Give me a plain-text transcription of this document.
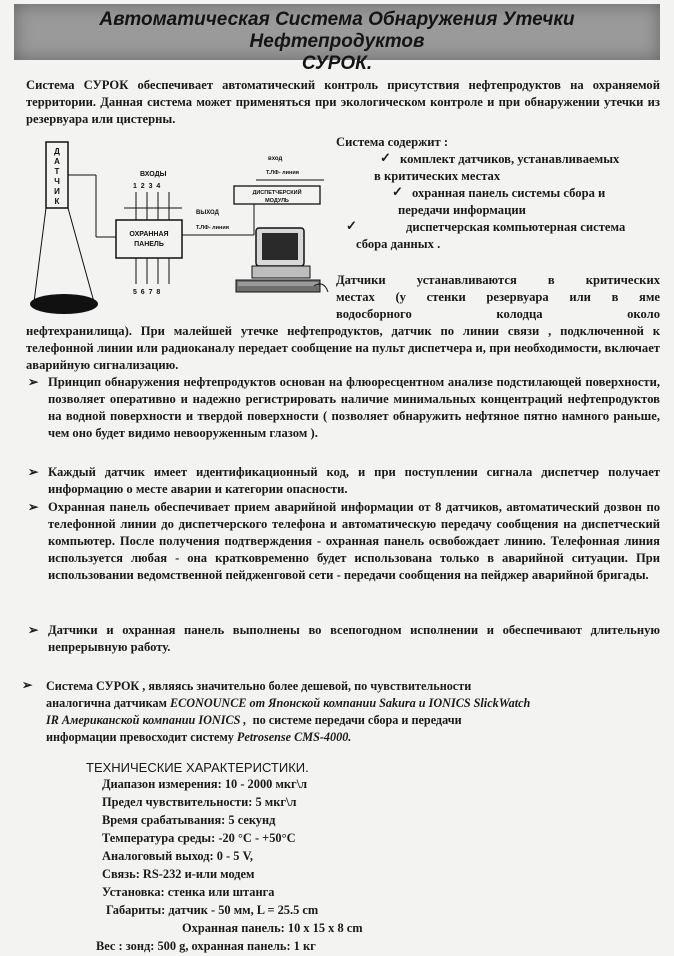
Автоматическая Система Обнаружения Утечки Нефтепродуктов
СУРОК.

Система СУРОК обеспечивает автоматический контроль присутствия нефтепродуктов на охраняемой территории. Данная система может применяться при экологическом контроле и при обнаружении утечки из резервуара или цистерны.

Д
А
Т
Ч
И
К
ВХОДЫ
1  2  3  4
ОХРАННАЯ
ПАНЕЛЬ
5  6  7  8
ВЫХОД
Т.ЛФ- линия
вход
Т.ЛФ- линия
ДИСПЕТЧЕРСКИЙ
МОДУЛЬ

Система содержит :

✓ комплект датчиков, устанавливаемых

в критических местах

✓ охранная панель системы сбора и

передачи информации

✓	диспетчерская компьютерная система

сбора данных .

Датчики устанавливаются в критических

местах (у стенки резервуара или в яме

водосборного колодца около

нефтехранилища). При малейшей утечке нефтепродуктов, датчик по линии связи , подключенной к телефонной линии или радиоканалу передает сообщение на пульт диспетчера и, при необходимости, включает аварийную сигнализацию.

➢ Принцип обнаружения нефтепродуктов основан на флюоресцентном анализе подстилающей поверхности, позволяет оперативно и надежно регистрировать наличие минимальных концентраций нефтепродуктов на водной поверхности и твердой поверхности ( позволяет обнаружить нефтяное пятно намного раньше, чем оно будет видимо невооруженным глазом ).

➢ Каждый датчик имеет идентификационный код, и при поступлении сигнала диспетчер получает информацию о месте аварии и категории опасности.

➢ Охранная панель обеспечивает прием аварийной информации от 8 датчиков, автоматический дозвон по телефонной линии до диспетчерского телефона и автоматическую передачу сообщения на диспетческий компьютер. После получения подтверждения - охранная панель освобождает линию. Телефонная линия используется любая - она кратковременно будет использована только в аварийной ситуации. При использовании ведомственной пейдженговой сети - передачи сообщения на пейджер аварийной бригады.

➢ Датчики и охранная панель выполнены во всепогодном исполнении и обеспечивают длительную непрерывную работу.

➢ Система СУРОК , являясь значительно более дешевой, по чувствительности

аналогична датчикам ECONOUNCE от Японской компании Sakura и IONICS SlickWatch

IR Американской компании IONICS ,  по системе передачи сбора и передачи

информации превосходит систему Petrosense CMS-4000.

ТЕХНИЧЕСКИЕ ХАРАКТЕРИСТИКИ.

Диапазон измерения: 10 - 2000 мкг\л

Предел чувствительности: 5 мкг\л

Время срабатывания: 5 секунд

Температура среды: -20 °С - +50°С

Аналоговый выход: 0 - 5 V,

Связь: RS-232 и-или модем

Установка: стенка или штанга

Габариты: датчик - 50 мм, L = 25.5 cm

Охранная панель: 10 x 15 x 8 cm

Вес : зонд: 500 g, охранная панель: 1 кг
